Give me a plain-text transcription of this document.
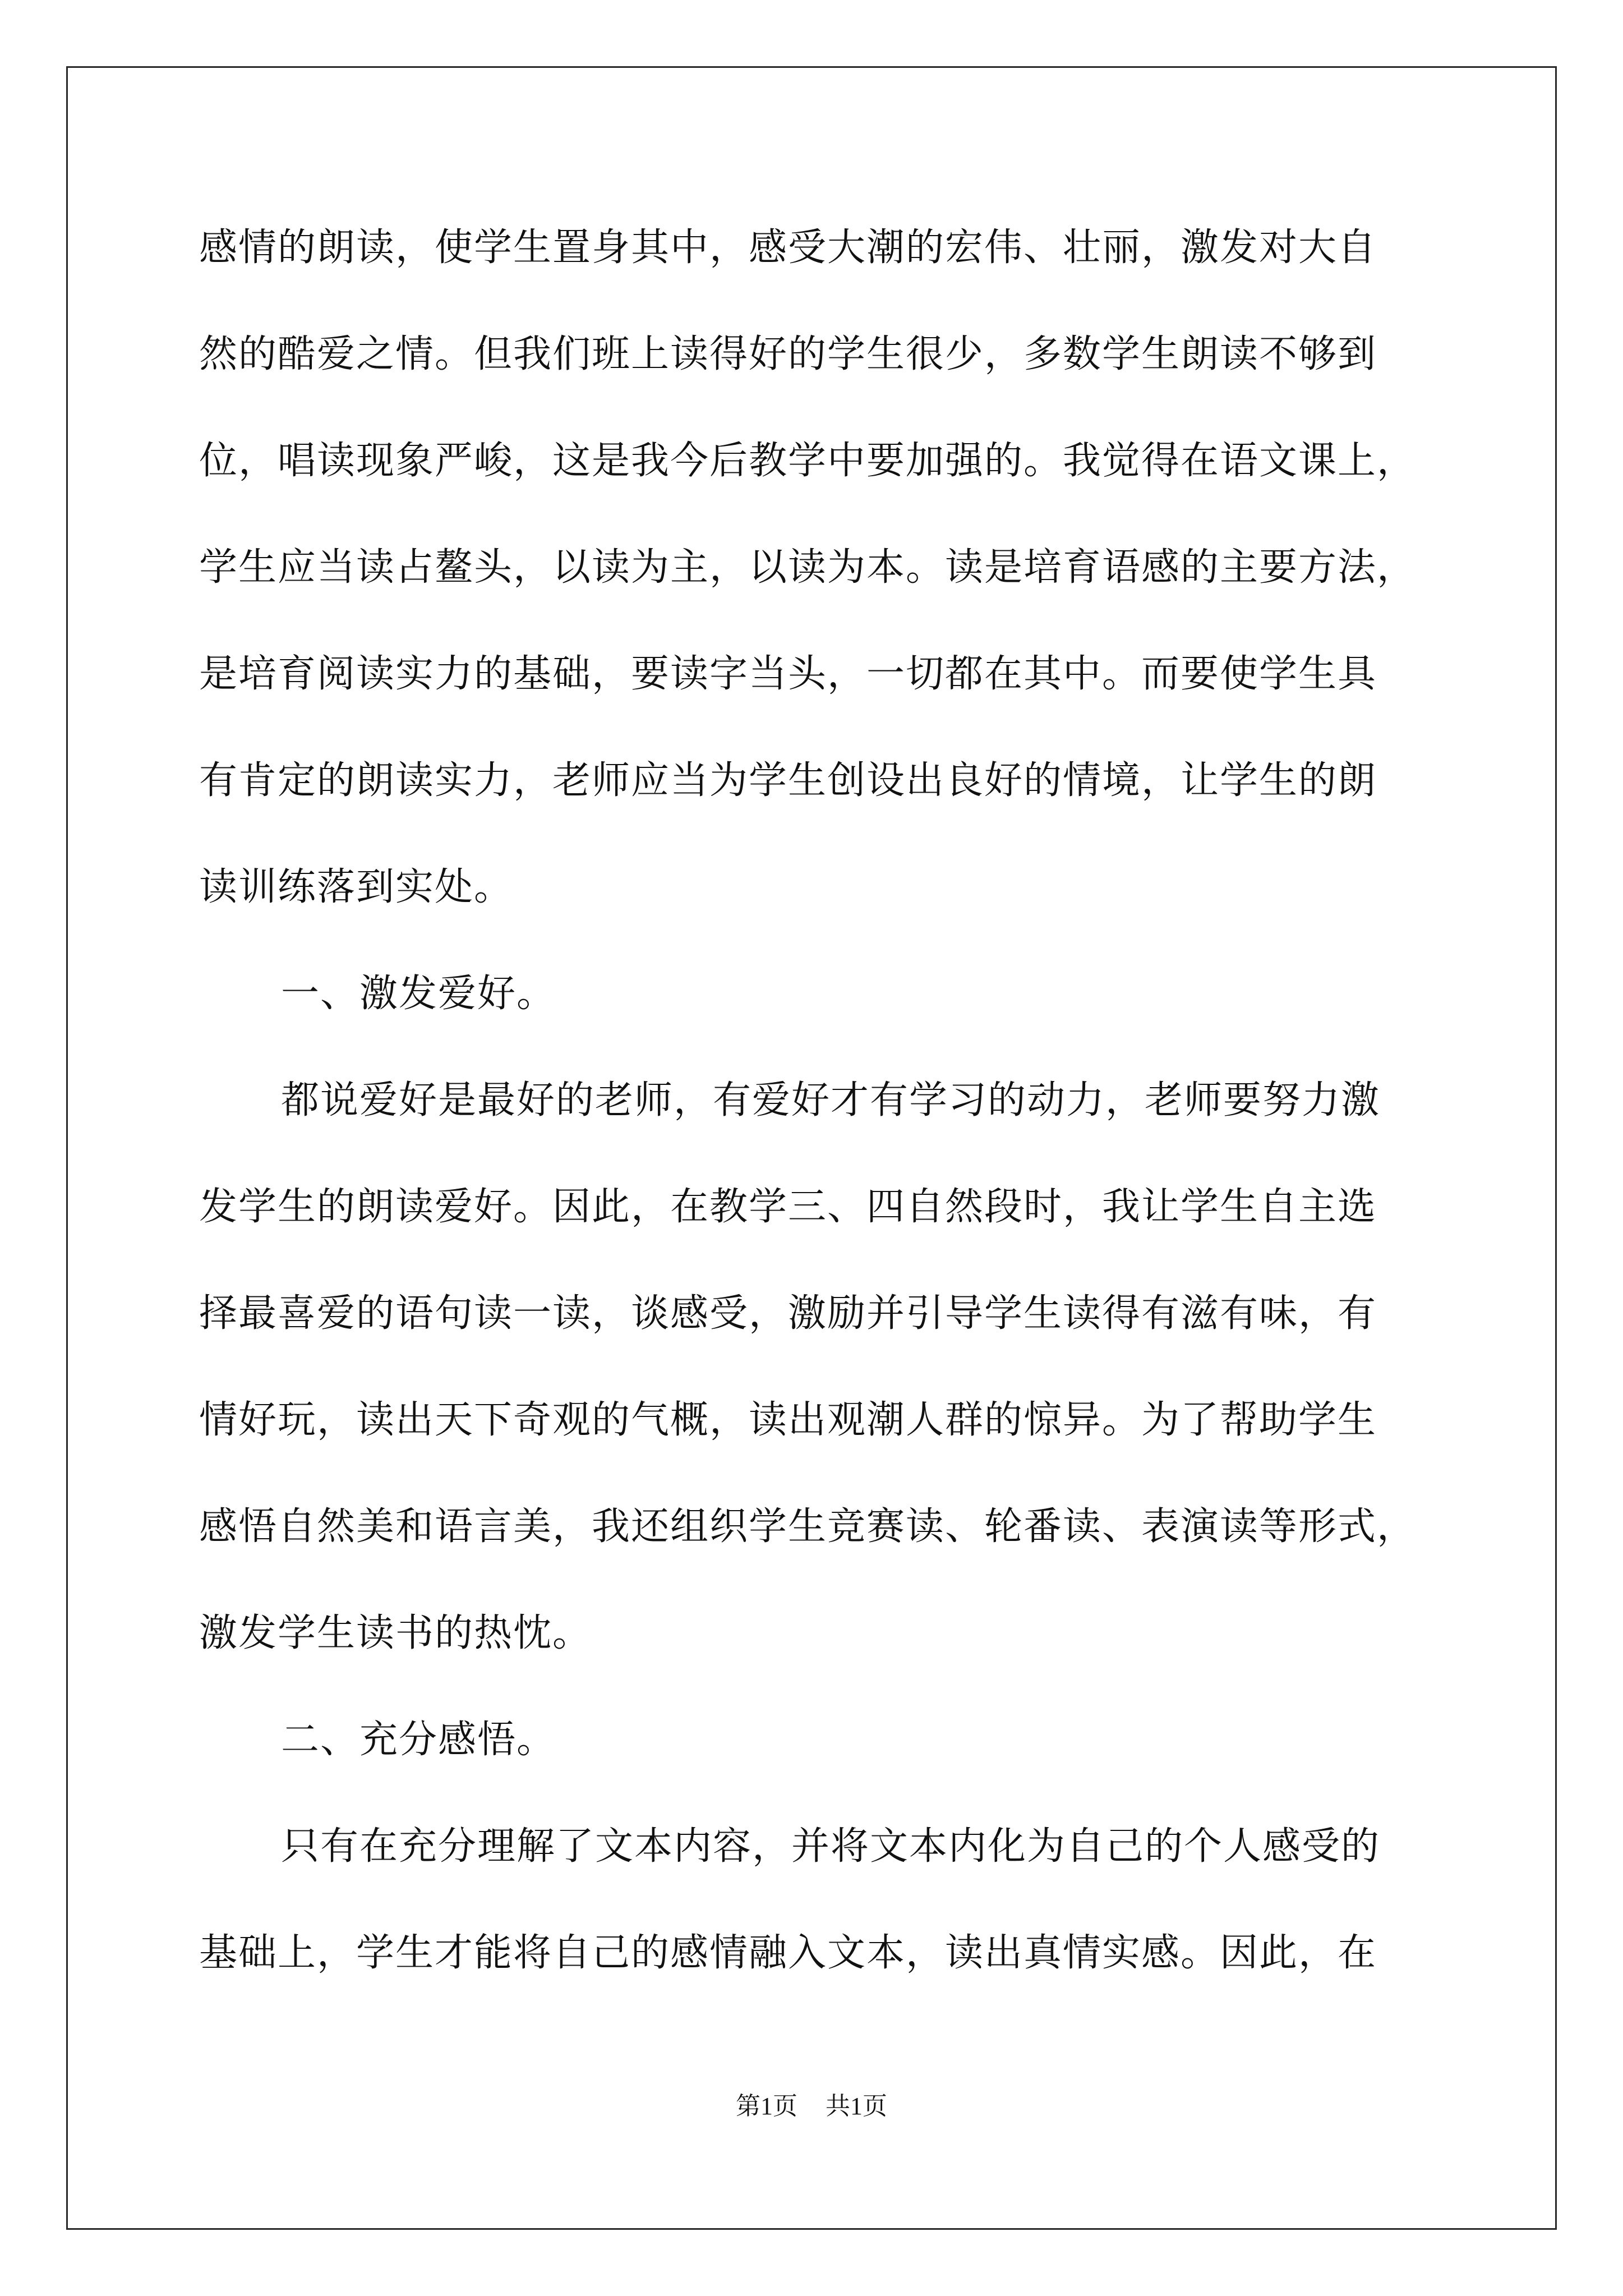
感情的朗读，使学生置身其中，感受大潮的宏伟、壮丽，激发对大自
然的酷爱之情。但我们班上读得好的学生很少，多数学生朗读不够到
位，唱读现象严峻，这是我今后教学中要加强的。我觉得在语文课上，
学生应当读占鳌头，以读为主，以读为本。读是培育语感的主要方法，
是培育阅读实力的基础，要读字当头，一切都在其中。而要使学生具
有肯定的朗读实力，老师应当为学生创设出良好的情境，让学生的朗
读训练落到实处。
一、激发爱好。
都说爱好是最好的老师，有爱好才有学习的动力，老师要努力激
发学生的朗读爱好。因此，在教学三、四自然段时，我让学生自主选
择最喜爱的语句读一读，谈感受，激励并引导学生读得有滋有味，有
情好玩，读出天下奇观的气概，读出观潮人群的惊异。为了帮助学生
感悟自然美和语言美，我还组织学生竞赛读、轮番读、表演读等形式，
激发学生读书的热忱。
二、充分感悟。
只有在充分理解了文本内容，并将文本内化为自己的个人感受的
基础上，学生才能将自己的感情融入文本，读出真情实感。因此，在
第1页 共1页
